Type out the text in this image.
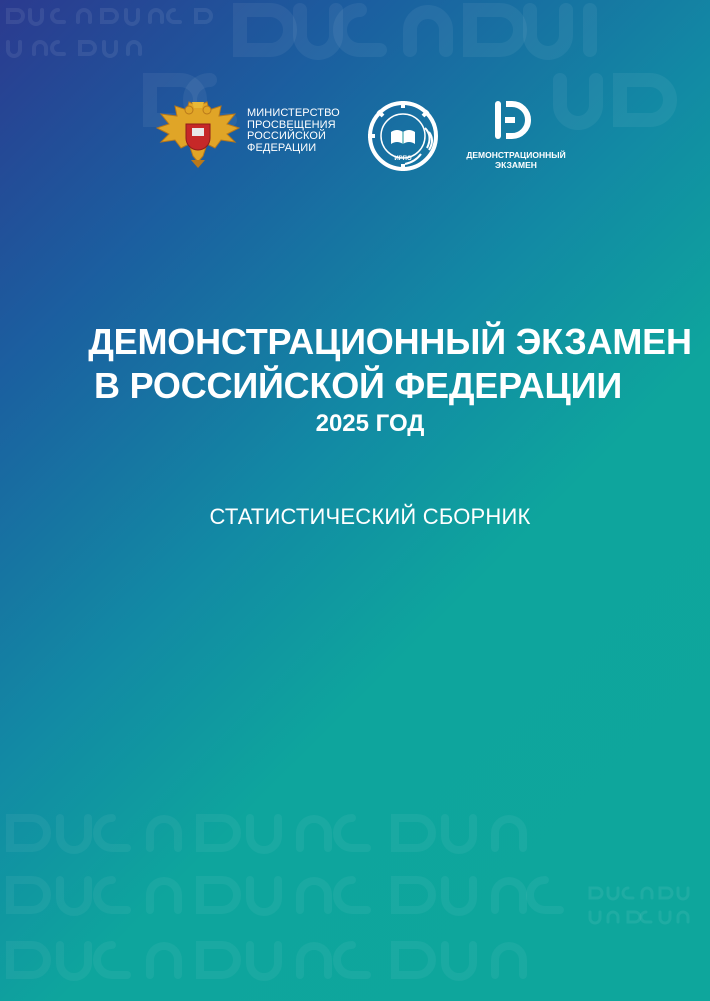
МИНИСТЕРСТВО
ПРОСВЕЩЕНИЯ
РОССИЙСКОЙ
ФЕДЕРАЦИИ
ИРПО	ДЕМОНСТРАЦИОННЫЙ
ЭКЗАМЕН
ДЕМОНСТРАЦИОННЫЙ ЭКЗАМЕН
В РОССИЙСКОЙ ФЕДЕРАЦИИ
2025 ГОД
СТАТИСТИЧЕСКИЙ СБОРНИК
